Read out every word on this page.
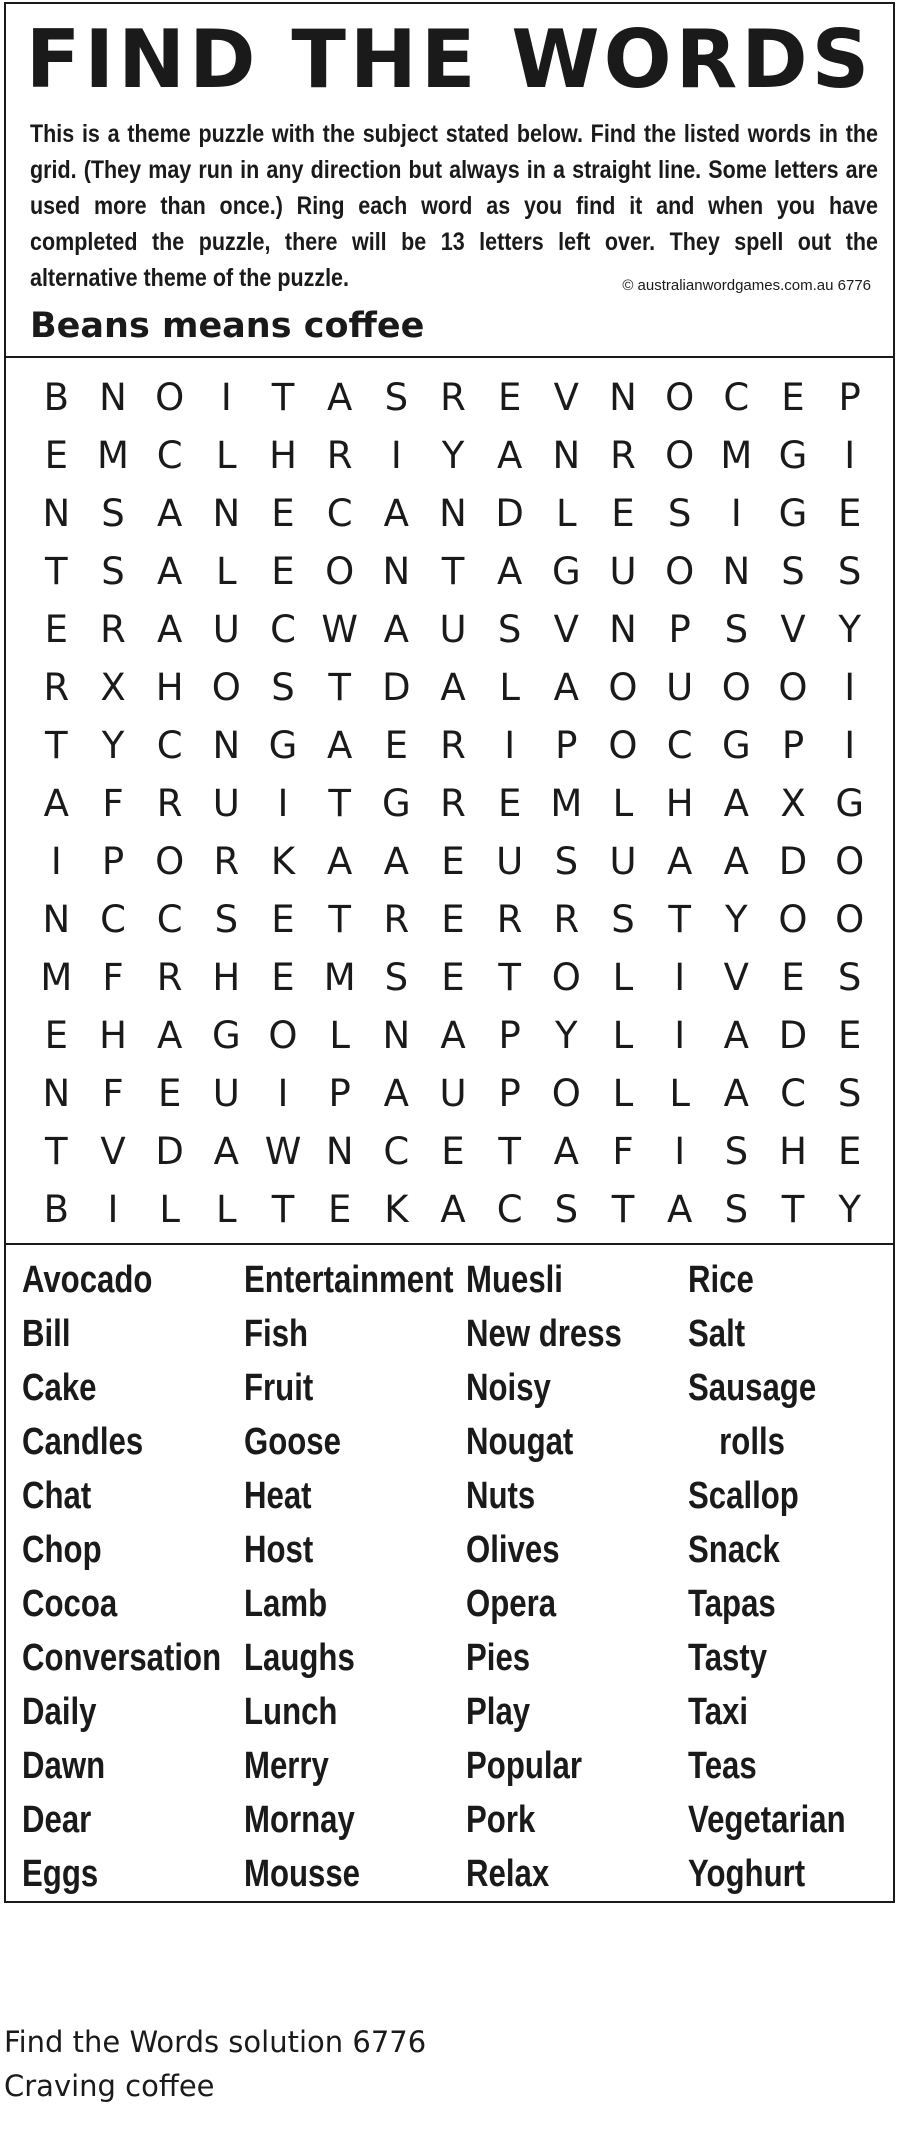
FIND THE WORDS
This is a theme puzzle with the subject stated below. Find the listed words in the grid. (They may run in any direction but always in a straight line. Some letters are used more than once.) Ring each word as you find it and when you have completed the puzzle, there will be 13 letters left over. They spell out the alternative theme of the puzzle.	© australianwordgames.com.au 6776
Beans means coffee
B N O I	T A S R E V N O C E P
E M C L H R	I	Y A N R O M G I
N S A N E C A N D L E S	I G E
T S A L E O N T A G U O N S S
E R A U C W A U S V N P S V Y
R X H O S T D A L A O U O O I
T Y C N G A E R	I	P O C G P	I
A F R U	I	T G R E M L H A X G
I	P O R K A A E U S U A A D O
N C C S E T R E R R S T Y O O
M F R H E M S E T O L	I	V E S
E H A G O L N A P Y L	I	A D E
N F E U	I	P A U P O L L A C S
T V D A W N C E T A F	I	S H E
B	I	L L T E K A C S T A S T Y
Avocado
Bill
Cake
Candles
Chat
Chop
Cocoa
Conversation
Daily
Dawn
Dear
Eggs
Entertainment
Fish
Fruit
Goose
Heat
Host
Lamb
Laughs
Lunch
Merry
Mornay
Mousse
Muesli
New dress
Noisy
Nougat
Nuts
Olives
Opera
Pies
Play
Popular
Pork
Relax
Rice
Salt
Sausage
rolls
Scallop
Snack
Tapas
Tasty
Taxi
Teas
Vegetarian
Yoghurt
Find the Words solution 6776
Craving coffee
